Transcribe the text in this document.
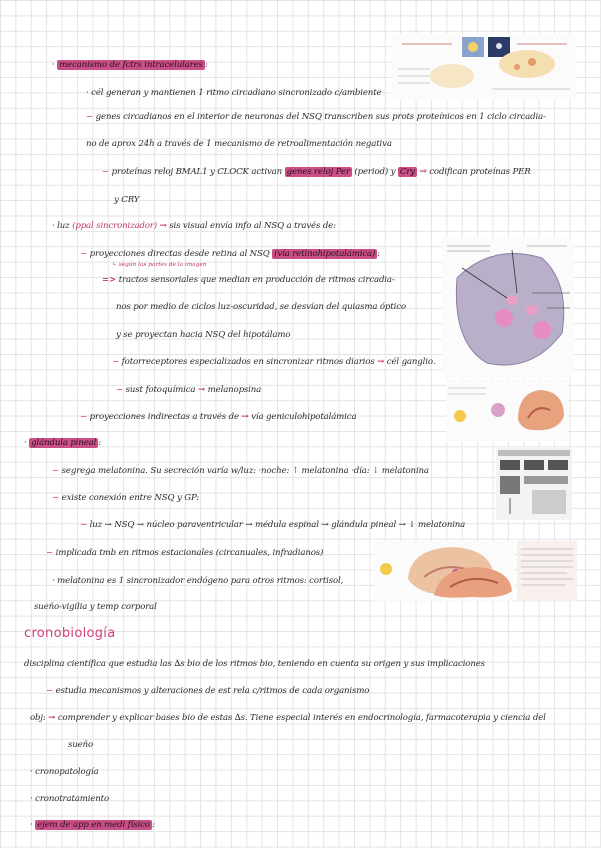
· mecanismo de fctrs intracelulares :
· cél generan y mantienen 1 ritmo circadiano sincronizado c/ambiente
− genes circadianos en el interior de neuronas del NSQ transcriben sus prots proteínicos en 1 ciclo circadia-
no de aprox 24h a través de 1 mecanismo de retroalimentación negativa
− proteínas reloj BMAL1 y CLOCK activan genes reloj Per (period) y Cry → codifican proteínas PER
y CRY
· luz (ppal sincronizador) → sis visual envía info al NSQ a través de:
− proyecciones directas desde retina al NSQ (vía retinohipotalámica) :
↳ según las partes de la imagen
=> tractos sensoriales que median en producción de ritmos circadia-
nos por medio de ciclos luz-oscuridad, se desvían del quiasma óptico
y se proyectan hacia NSQ del hipotálamo
− fotorreceptores especializados en sincronizar ritmos diarios → cél ganglio.
− sust fotoquímica → melanopsina
− proyecciones indirectas a través de → vía geniculohipotalámica
· glándula pineal :
− segrega melatonina. Su secreción varía w/luz: ·noche: ↑ melatonina ·día: ↓ melatonina
− existe conexión entre NSQ y GP:
− luz → NSQ → núcleo paraventricular → médula espinal → glándula pineal → ↓ melatonina
− implicada tmb en ritmos estacionales (circanuales, infradianos)
· melatonina es 1 sincronizador endógeno para otros ritmos: cortisol,
sueño-vigilia y temp corporal
cronobiología
disciplina científica que estudia las ∆s bio de los ritmos bio, teniendo en cuenta su origen y sus implicaciones
− estudia mecanismos y alteraciones de est rela c/ritmos de cada organismo
obj: → comprender y explicar bases bio de estas ∆s. Tiene especial interés en endocrinología, farmacoterapia y ciencia del
sueño
· cronopatología
· cronotratamiento
· ejem de app en medi físico :
